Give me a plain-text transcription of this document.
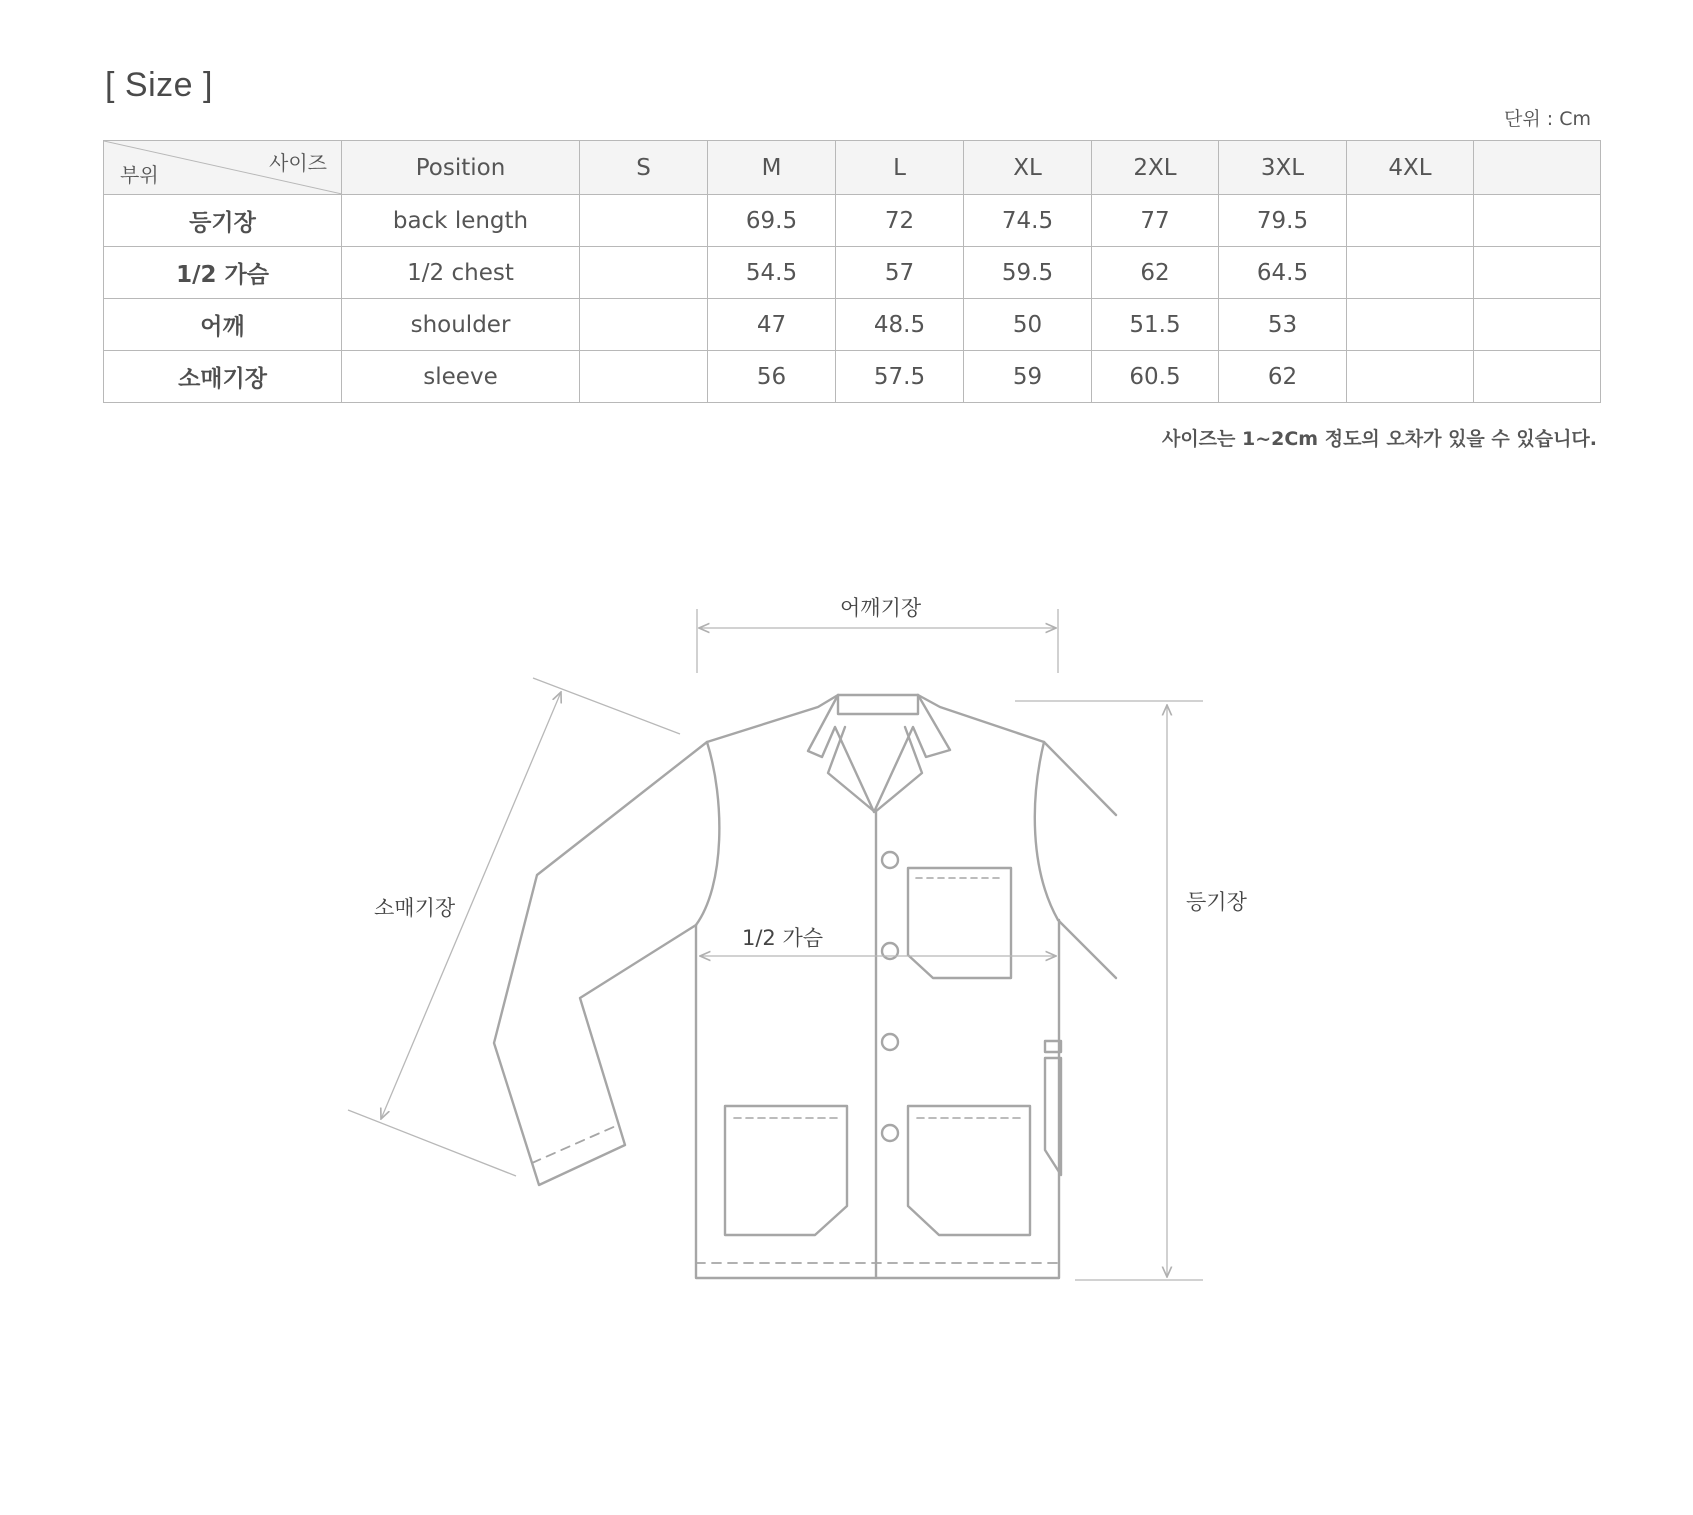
[ Size ]
단위 : Cm
사이즈
부위	Position	S	M	L	XL	2XL	3XL	4XL	
등기장	back length		69.5	72	74.5	77	79.5		
1/2 가슴	1/2 chest		54.5	57	59.5	62	64.5		
어깨	shoulder		47	48.5	50	51.5	53		
소매기장	sleeve		56	57.5	59	60.5	62		
사이즈는 1~2Cm 정도의 오차가 있을 수 있습니다.
어깨기장
소매기장
1/2 가슴
등기장
